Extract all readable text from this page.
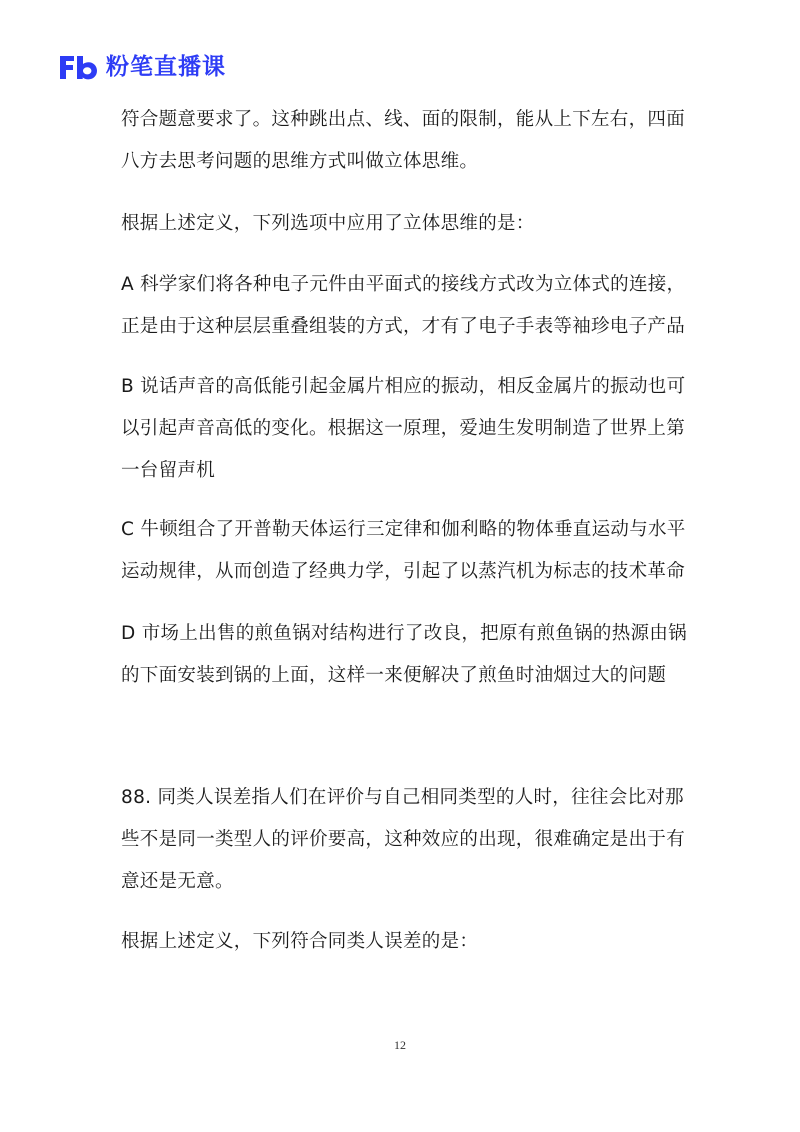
粉笔直播课
符合题意要求了。这种跳出点、线、面的限制，能从上下左右，四面
八方去思考问题的思维方式叫做立体思维。
根据上述定义，下列选项中应用了立体思维的是：
A 科学家们将各种电子元件由平面式的接线方式改为立体式的连接，
正是由于这种层层重叠组装的方式，才有了电子手表等袖珍电子产品
B 说话声音的高低能引起金属片相应的振动，相反金属片的振动也可
以引起声音高低的变化。根据这一原理，爱迪生发明制造了世界上第
一台留声机
C 牛顿组合了开普勒天体运行三定律和伽利略的物体垂直运动与水平
运动规律，从而创造了经典力学，引起了以蒸汽机为标志的技术革命
D 市场上出售的煎鱼锅对结构进行了改良，把原有煎鱼锅的热源由锅
的下面安装到锅的上面，这样一来便解决了煎鱼时油烟过大的问题
88. 同类人误差指人们在评价与自己相同类型的人时，往往会比对那
些不是同一类型人的评价要高，这种效应的出现，很难确定是出于有
意还是无意。
根据上述定义，下列符合同类人误差的是：
12
